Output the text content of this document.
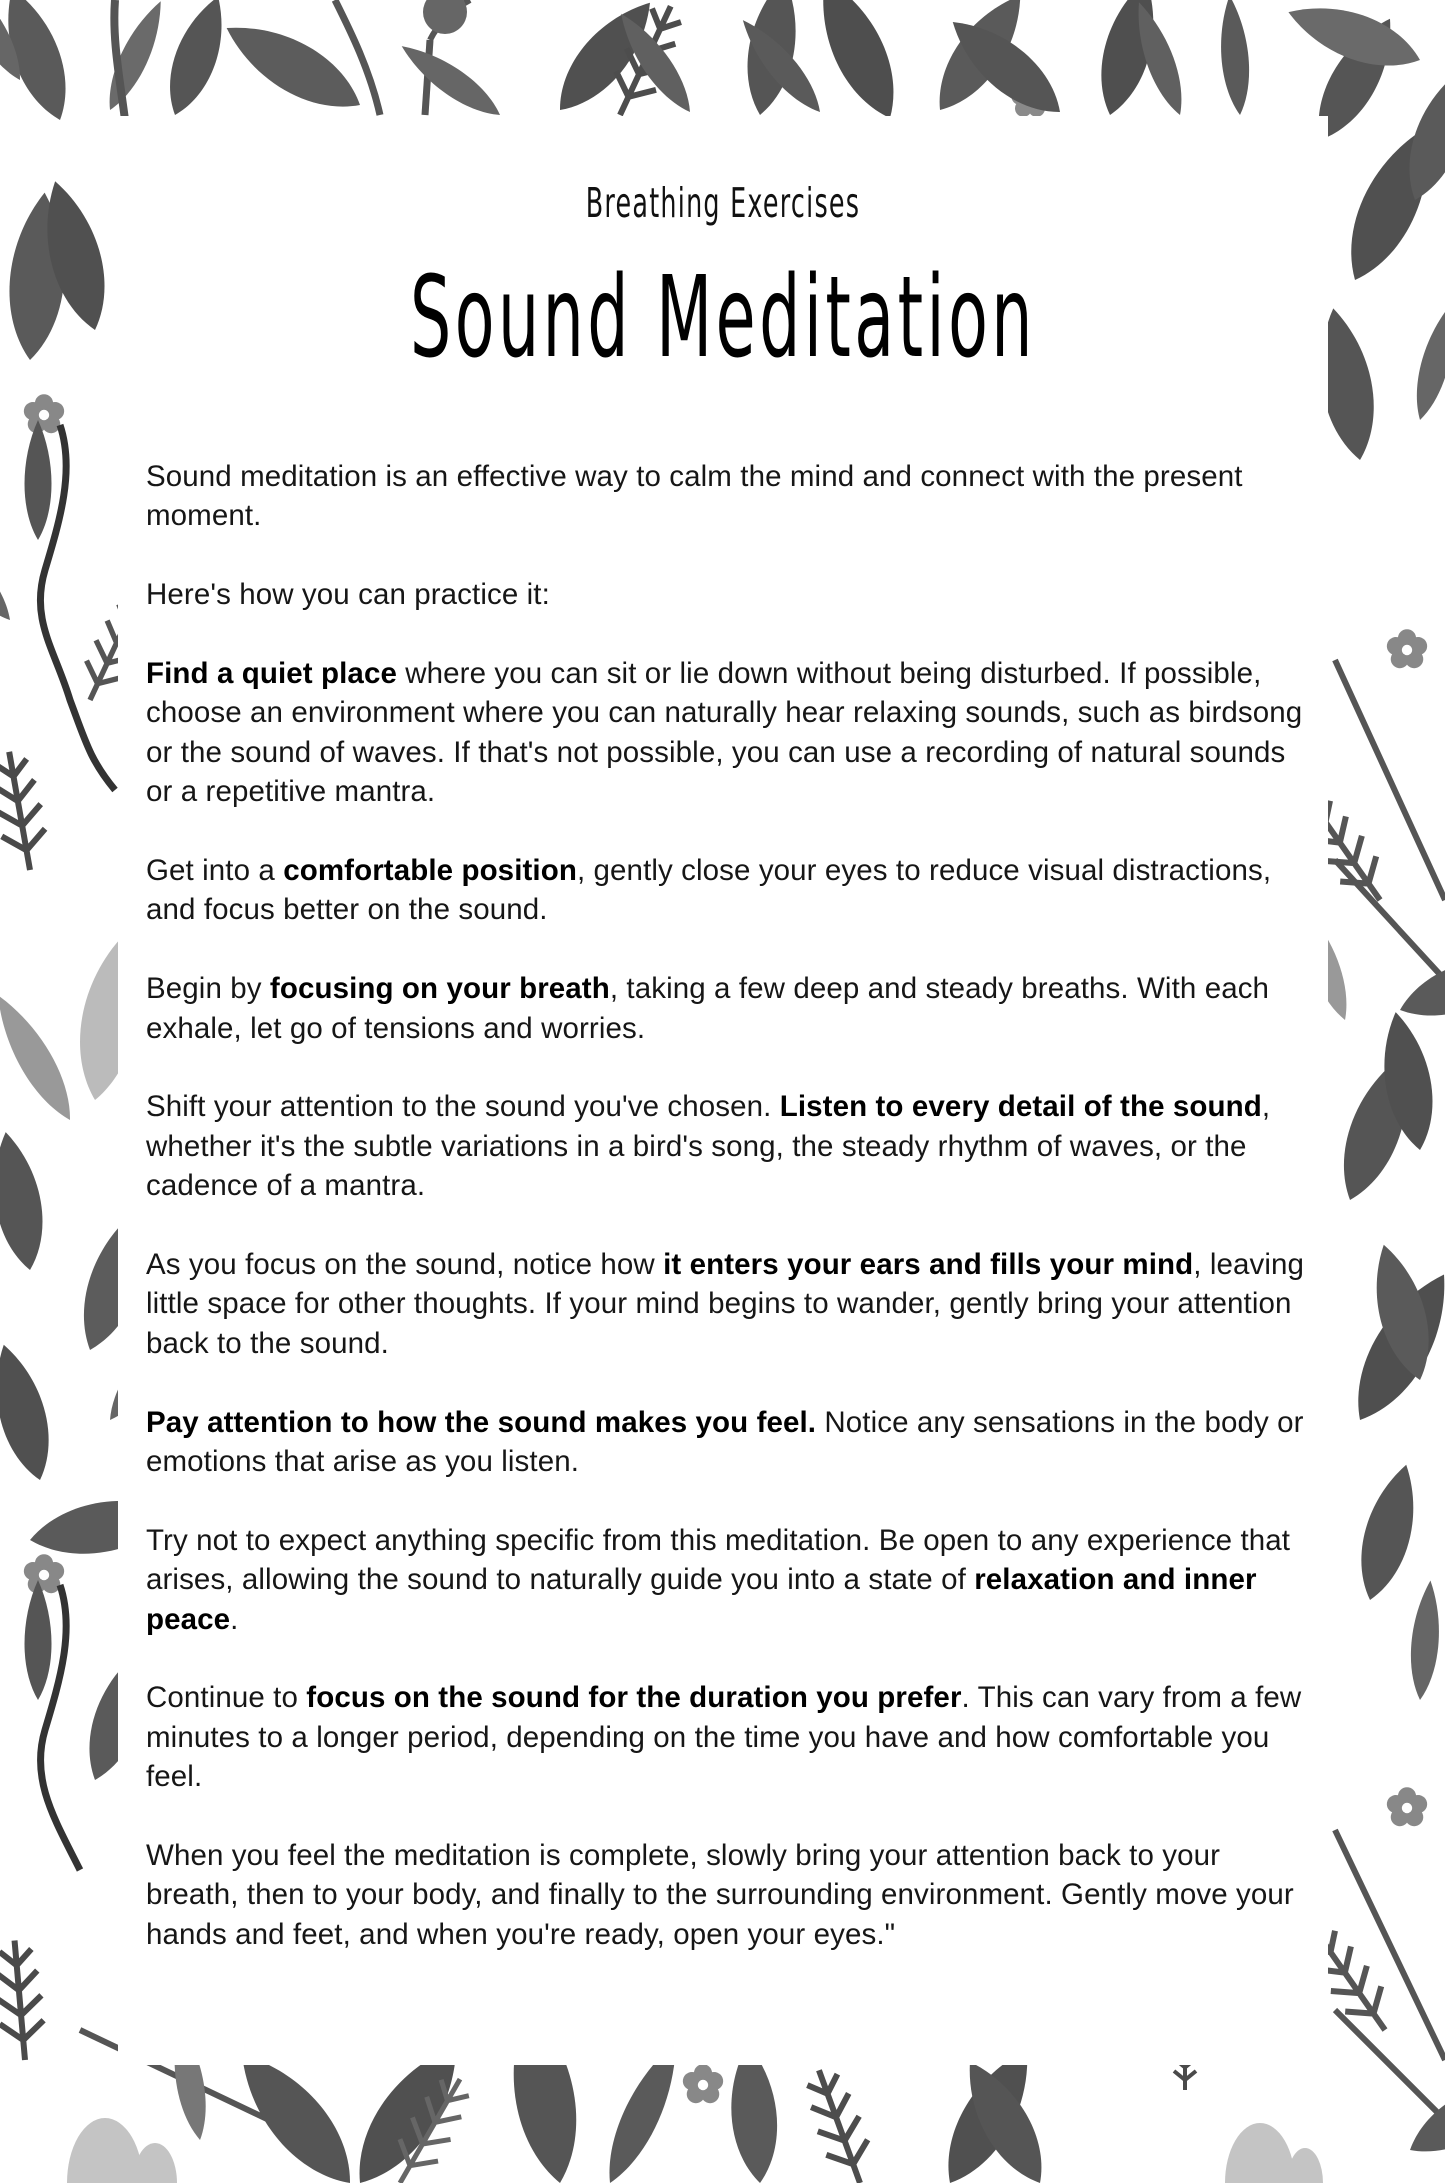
Breathing Exercises
Sound Meditation

Sound meditation is an effective way to calm the mind and connect with the present moment.

Here's how you can practice it:

Find a quiet place where you can sit or lie down without being disturbed. If possible, choose an environment where you can naturally hear relaxing sounds, such as birdsong or the sound of waves. If that's not possible, you can use a recording of natural sounds or a repetitive mantra.

Get into a comfortable position, gently close your eyes to reduce visual distractions, and focus better on the sound.

Begin by focusing on your breath, taking a few deep and steady breaths. With each exhale, let go of tensions and worries.

Shift your attention to the sound you've chosen. Listen to every detail of the sound, whether it's the subtle variations in a bird's song, the steady rhythm of waves, or the cadence of a mantra.

As you focus on the sound, notice how it enters your ears and fills your mind, leaving little space for other thoughts. If your mind begins to wander, gently bring your attention back to the sound.

Pay attention to how the sound makes you feel. Notice any sensations in the body or emotions that arise as you listen.

Try not to expect anything specific from this meditation. Be open to any experience that arises, allowing the sound to naturally guide you into a state of relaxation and inner peace.

Continue to focus on the sound for the duration you prefer. This can vary from a few minutes to a longer period, depending on the time you have and how comfortable you feel.

When you feel the meditation is complete, slowly bring your attention back to your breath, then to your body, and finally to the surrounding environment. Gently move your hands and feet, and when you're ready, open your eyes."
